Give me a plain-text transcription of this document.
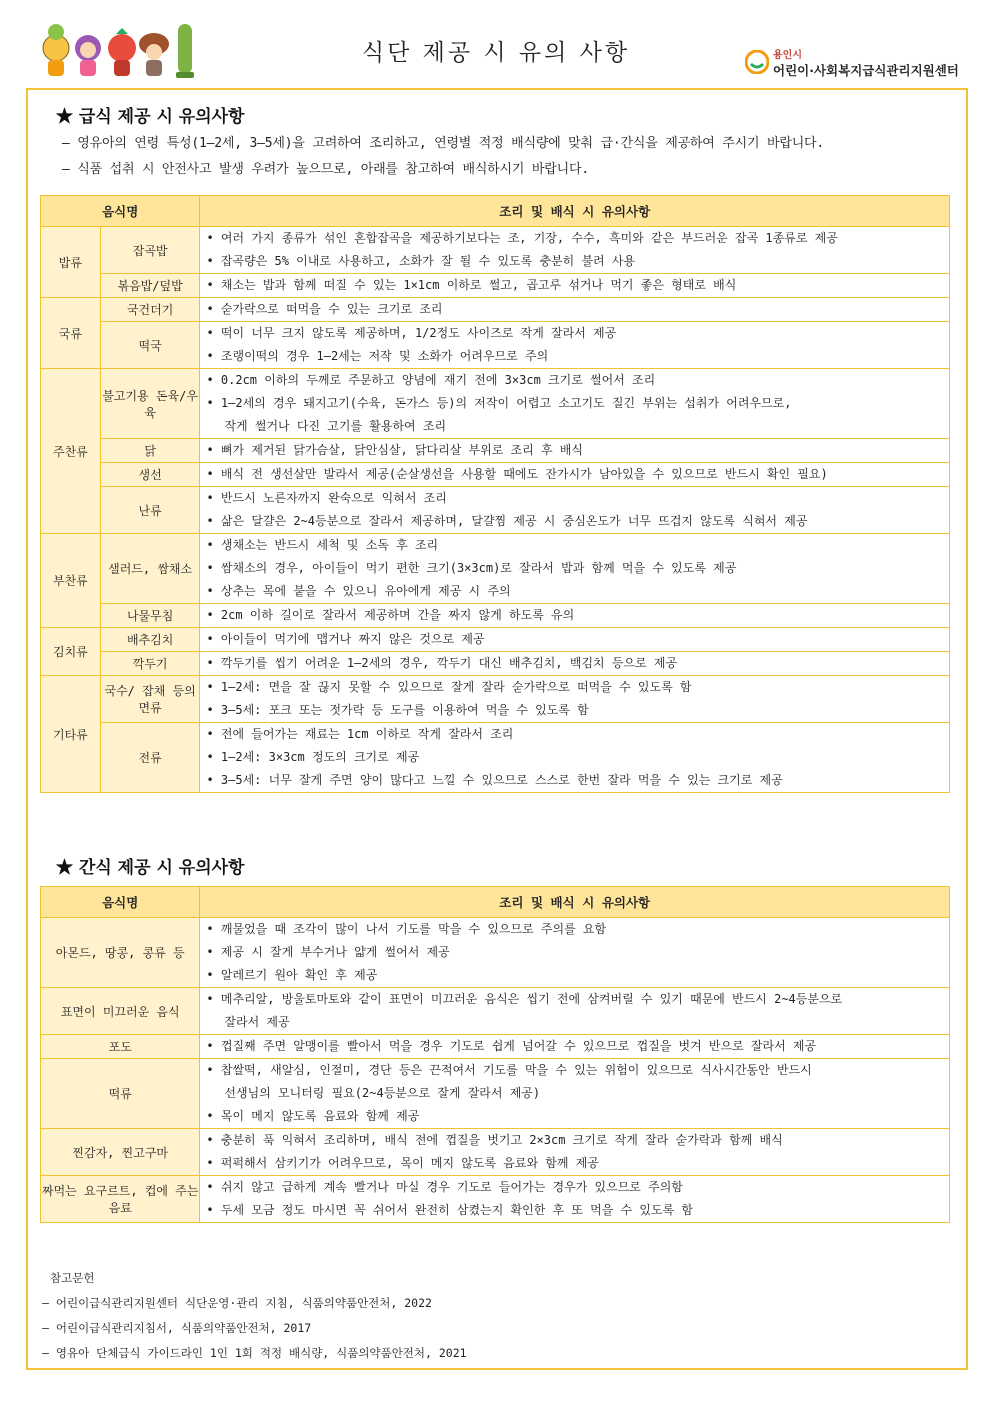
식단 제공 시 유의 사항	용인시
어린이·사회복지급식관리지원센터
★ 급식 제공 시 유의사항
– 영유아의 연령 특성(1–2세, 3–5세)을 고려하여 조리하고, 연령별 적정 배식량에 맞춰 급·간식을 제공하여 주시기 바랍니다.
– 식품 섭취 시 안전사고 발생 우려가 높으므로, 아래를 참고하여 배식하시기 바랍니다.
음식명		조리 및 배식 시 유의사항
밥류	잡곡밥	• 여러 가지 종류가 섞인 혼합잡곡을 제공하기보다는 조, 기장, 수수, 흑미와 같은 부드러운 잡곡 1종류로 제공
• 잡곡량은 5% 이내로 사용하고, 소화가 잘 될 수 있도록 충분히 불려 사용

	볶음밥/덮밥	• 채소는 밥과 함께 떠질 수 있는 1×1cm 이하로 썰고, 곱고루 섞거나 먹기 좋은 형태로 배식

국류	국건더기	• 숟가락으로 떠먹을 수 있는 크기로 조리

	떡국	• 떡이 너무 크지 않도록 제공하며, 1/2정도 사이즈로 작게 잘라서 제공
• 조랭이떡의 경우 1–2세는 저작 및 소화가 어려우므로 주의

주찬류	불고기용 돈육/우육	• 0.2cm 이하의 두께로 주문하고 양념에 재기 전에 3×3cm 크기로 썰어서 조리
• 1–2세의 경우 돼지고기(수육, 돈가스 등)의 저작이 어렵고 소고기도 질긴 부위는 섭취가 어려우므로,
작게 썰거나 다진 고기를 활용하여 조리

	닭	• 뼈가 제거된 닭가슴살, 닭안심살, 닭다리살 부위로 조리 후 배식

	생선	• 배식 전 생선살만 발라서 제공(순살생선을 사용할 때에도 잔가시가 남아있을 수 있으므로 반드시 확인 필요)

	난류	• 반드시 노른자까지 완숙으로 익혀서 조리
• 삶은 달걀은 2~4등분으로 잘라서 제공하며, 달걀찜 제공 시 중심온도가 너무 뜨겁지 않도록 식혀서 제공

부찬류	샐러드, 쌈채소	• 생채소는 반드시 세척 및 소독 후 조리
• 쌈채소의 경우, 아이들이 먹기 편한 크기(3×3cm)로 잘라서 밥과 함께 먹을 수 있도록 제공
• 상추는 목에 붙을 수 있으니 유아에게 제공 시 주의

	나물무침	• 2cm 이하 길이로 잘라서 제공하며 간을 짜지 않게 하도록 유의

김치류	배추김치	• 아이들이 먹기에 맵거나 짜지 않은 것으로 제공

	깍두기	• 깍두기를 씹기 어려운 1–2세의 경우, 깍두기 대신 배추김치, 백김치 등으로 제공

기타류	국수/ 잡채 등의 면류	• 1–2세: 면을 잘 끊지 못할 수 있으므로 잘게 잘라 숟가락으로 떠먹을 수 있도록 함
• 3–5세: 포크 또는 젓가락 등 도구를 이용하여 먹을 수 있도록 함

	전류	• 전에 들어가는 재료는 1cm 이하로 작게 잘라서 조리
• 1–2세: 3×3cm 정도의 크기로 제공
• 3–5세: 너무 잘게 주면 양이 많다고 느낄 수 있으므로 스스로 한번 잘라 먹을 수 있는 크기로 제공
★ 간식 제공 시 유의사항
음식명	조리 및 배식 시 유의사항
아몬드, 땅콩, 콩류 등	• 깨물었을 때 조각이 많이 나서 기도를 막을 수 있으므로 주의를 요함
• 제공 시 잘게 부수거나 얇게 썰어서 제공
• 알레르기 원아 확인 후 제공

표면이 미끄러운 음식	• 메추리알, 방울토마토와 같이 표면이 미끄러운 음식은 씹기 전에 삼켜버릴 수 있기 때문에 반드시 2~4등분으로
잘라서 제공

포도	• 껍질째 주면 알맹이를 빨아서 먹을 경우 기도로 쉽게 넘어갈 수 있으므로 껍질을 벗겨 반으로 잘라서 제공

떡류	• 찹쌀떡, 새알심, 인절미, 경단 등은 끈적여서 기도를 막을 수 있는 위험이 있으므로 식사시간동안 반드시
선생님의 모니터링 필요(2~4등분으로 잘게 잘라서 제공)
• 목이 메지 않도록 음료와 함께 제공

찐감자, 찐고구마	• 충분히 푹 익혀서 조리하며, 배식 전에 껍질을 벗기고 2×3cm 크기로 작게 잘라 숟가락과 함께 배식
• 퍽퍽해서 삼키기가 어려우므로, 목이 메지 않도록 음료와 함께 제공

짜먹는 요구르트, 컵에 주는 음료	• 쉬지 않고 급하게 계속 빨거나 마실 경우 기도로 들어가는 경우가 있으므로 주의함
• 두세 모금 정도 마시면 꼭 쉬어서 완전히 삼켰는지 확인한 후 또 먹을 수 있도록 함
참고문헌
– 어린이급식관리지원센터 식단운영·관리 지침, 식품의약품안전처, 2022
– 어린이급식관리지침서, 식품의약품안전처, 2017
– 영유아 단체급식 가이드라인 1인 1회 적정 배식량, 식품의약품안전처, 2021
